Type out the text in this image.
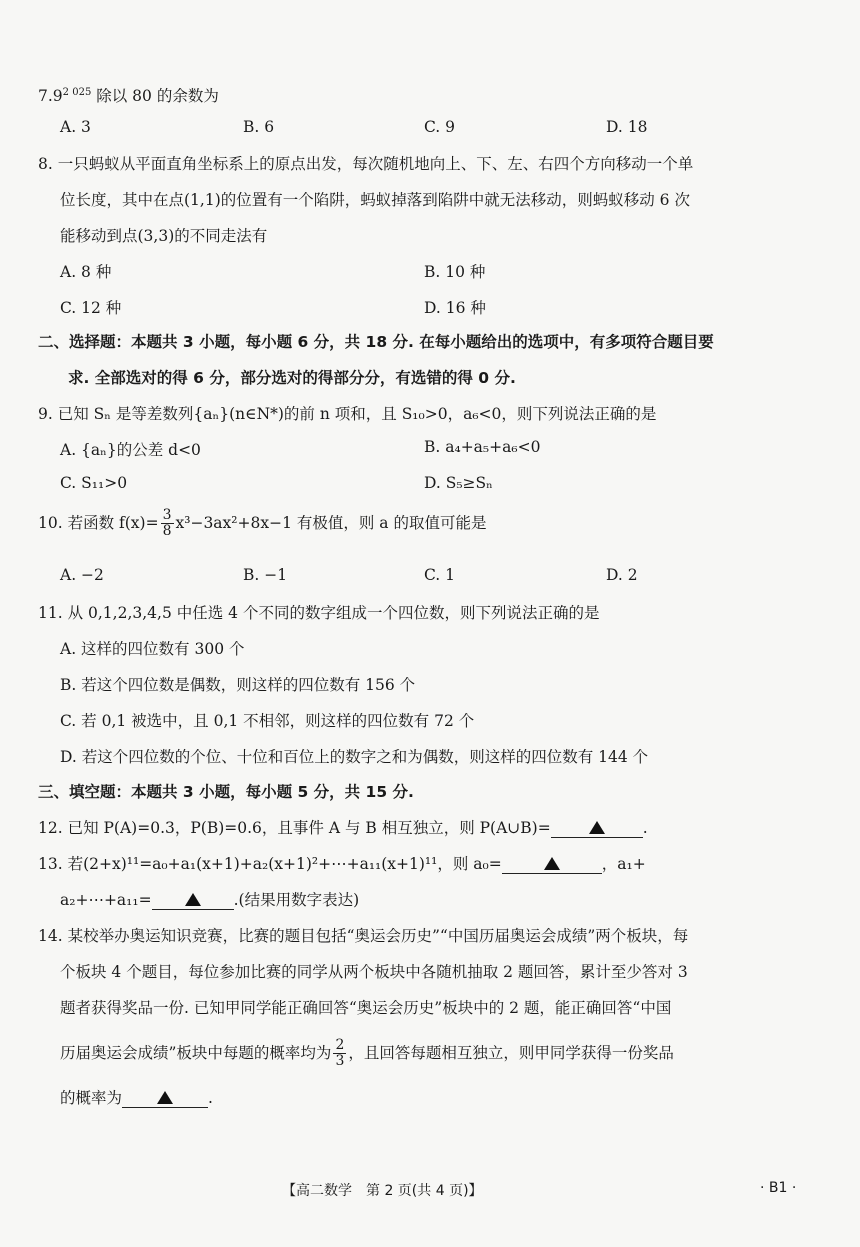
$7.9^{2 025}$ 除以 80 的余数为
A. 3	B. 6	C. 9	D. 18
8. 一只蚂蚁从平面直角坐标系上的原点出发，每次随机地向上、下、左、右四个方向移动一个单
位长度，其中在点(1,1)的位置有一个陷阱，蚂蚁掉落到陷阱中就无法移动，则蚂蚁移动 6 次
能移动到点(3,3)的不同走法有
A. 8 种	B. 10 种
C. 12 种	D. 16 种
二、选择题：本题共 3 小题，每小题 6 分，共 18 分. 在每小题给出的选项中，有多项符合题目要
求. 全部选对的得 6 分，部分选对的得部分分，有选错的得 0 分.
9. 已知 Sₙ 是等差数列{aₙ}(n∈N*)的前 n 项和，且 S₁₀>0，a₆<0，则下列说法正确的是
A. {aₙ}的公差 d<0	B. a₄+a₅+a₆<0
C. S₁₁>0	D. S₅≥Sₙ
10. 若函数 $f(x)= \frac{3}{8} x^3-3ax^2+8x-1$ 有极值，则 a 的取值可能是
A. −2	B. −1	C. 1	D. 2
11. 从 0,1,2,3,4,5 中任选 4 个不同的数字组成一个四位数，则下列说法正确的是
A. 这样的四位数有 300 个
B. 若这个四位数是偶数，则这样的四位数有 156 个
C. 若 0,1 被选中，且 0,1 不相邻，则这样的四位数有 72 个
D. 若这个四位数的个位、十位和百位上的数字之和为偶数，则这样的四位数有 144 个
三、填空题：本题共 3 小题，每小题 5 分，共 15 分.
12. 已知 P(A)=0.3，P(B)=0.6，且事件 A 与 B 相互独立，则 P(A∪B)=	.
13. 若(2+x)¹¹=a₀+a₁(x+1)+a₂(x+1)²+⋯+a₁₁(x+1)¹¹，则 a₀=	，a₁+
a₂+⋯+a₁₁=	.(结果用数字表达)
14. 某校举办奥运知识竞赛，比赛的题目包括“奥运会历史”“中国历届奥运会成绩”两个板块，每
个板块 4 个题目，每位参加比赛的同学从两个板块中各随机抽取 2 题回答，累计至少答对 3
题者获得奖品一份. 已知甲同学能正确回答“奥运会历史”板块中的 2 题，能正确回答“中国
历届奥运会成绩”板块中每题的概率均为 $\frac{2}{3}$ ，且回答每题相互独立，则甲同学获得一份奖品
的概率为	.
【高二数学　第 2 页(共 4 页)】	· B1 ·
